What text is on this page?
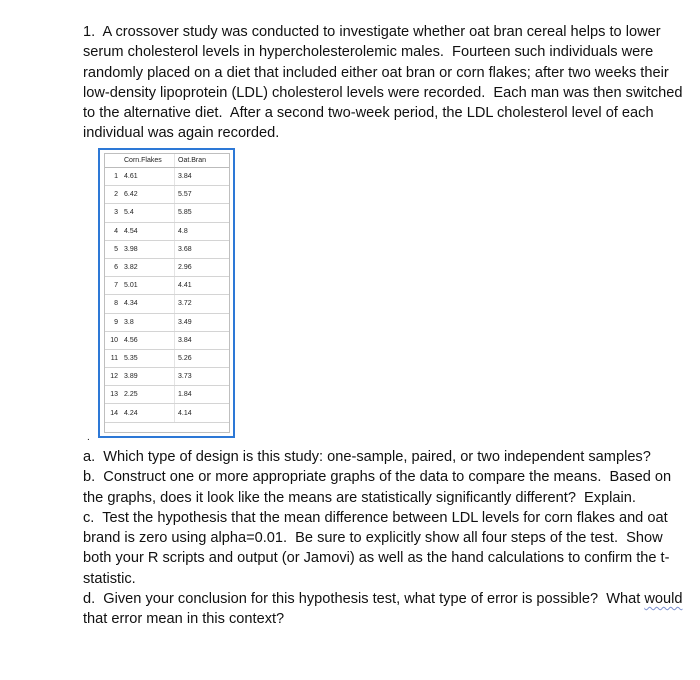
1. A crossover study was conducted to investigate whether oat bran cereal helps to lower serum cholesterol levels in hypercholesterolemic males.  Fourteen such individuals were randomly placed on a diet that included either oat bran or corn flakes; after two weeks their low-density lipoprotein (LDL) cholesterol levels were recorded.  Each man was then switched to the alternative diet.  After a second two-week period, the LDL cholesterol level of each individual was again recorded.
	Corn.Flakes	Oat.Bran
1	4.61	3.84
2	6.42	5.57
3	5.4	5.85
4	4.54	4.8
5	3.98	3.68
6	3.82	2.96
7	5.01	4.41
8	4.34	3.72
9	3.8	3.49
10	4.56	3.84
11	5.35	5.26
12	3.89	3.73
13	2.25	1.84
14	4.24	4.14
.
a.  Which type of design is this study: one-sample, paired, or two independent samples?
b.  Construct one or more appropriate graphs of the data to compare the means.  Based on the graphs, does it look like the means are statistically significantly different?  Explain.
c.  Test the hypothesis that the mean difference between LDL levels for corn flakes and oat brand is zero using alpha=0.01.  Be sure to explicitly show all four steps of the test.  Show both your R scripts and output (or Jamovi) as well as the hand calculations to confirm the t-statistic.
d.  Given your conclusion for this hypothesis test, what type of error is possible?  What would that error mean in this context?
